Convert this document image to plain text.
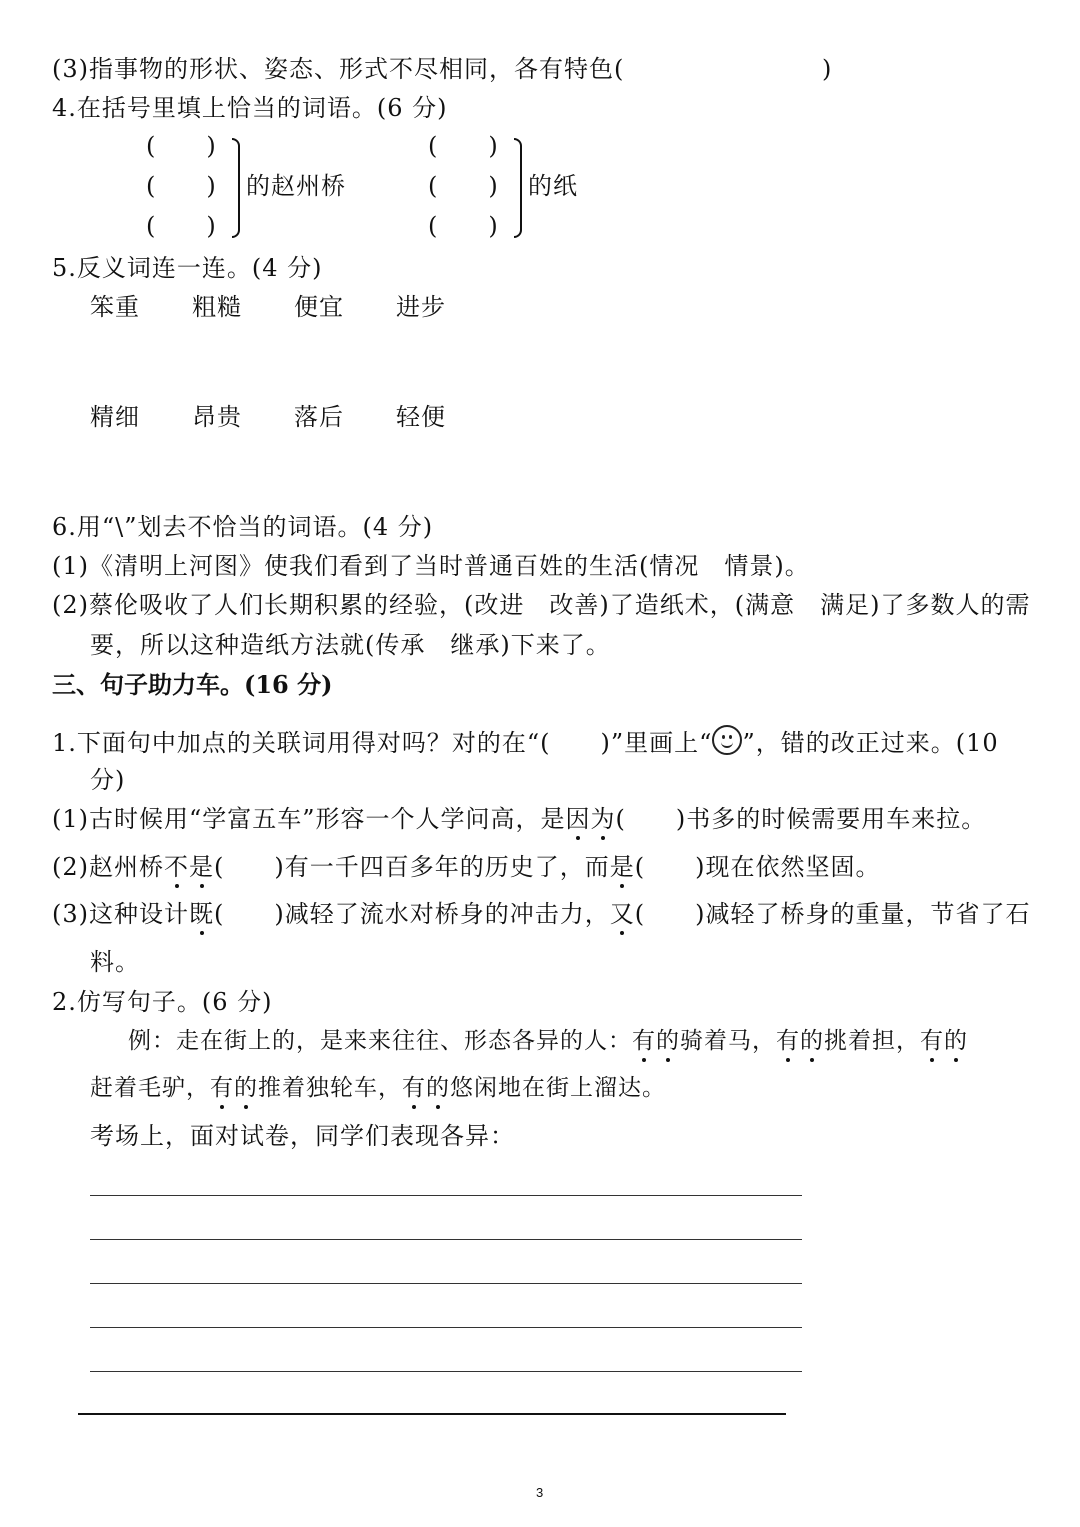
(3)指事物的形状、姿态、形式不尽相同，各有特色(	)
4.在括号里填上恰当的词语。(6 分)
(　　)
(　　)
(　　)
的赵州桥
(　　)
(　　)
(　　)
的纸
5.反义词连一连。(4 分)
笨重 粗糙 便宜 进步
精细 昂贵 落后 轻便
6.用“\”划去不恰当的词语。(4 分)
(1)《清明上河图》使我们看到了当时普通百姓的生活(情况　情景)。
(2)蔡伦吸收了人们长期积累的经验，(改进　改善)了造纸术，(满意　满足)了多数人的需
要，所以这种造纸方法就(传承　继承)下来了。
三、句子助力车。(16 分)
1.下面句中加点的关联词用得对吗？对的在“(　　)”里画上“ ”，错的改正过来。(10
分)
(1)古时候用“学富五车”形容一个人学问高，是因为(　　)书多的时候需要用车来拉。
(2)赵州桥不是(　　)有一千四百多年的历史了，而是(　　)现在依然坚固。
(3)这种设计既(　　)减轻了流水对桥身的冲击力，又(　　)减轻了桥身的重量，节省了石
料。
2.仿写句子。(6 分)
例：走在街上的，是来来往往、形态各异的人：有的骑着马，有的挑着担，有的
赶着毛驴，有的推着独轮车，有的悠闲地在街上溜达。
考场上，面对试卷，同学们表现各异：
3
